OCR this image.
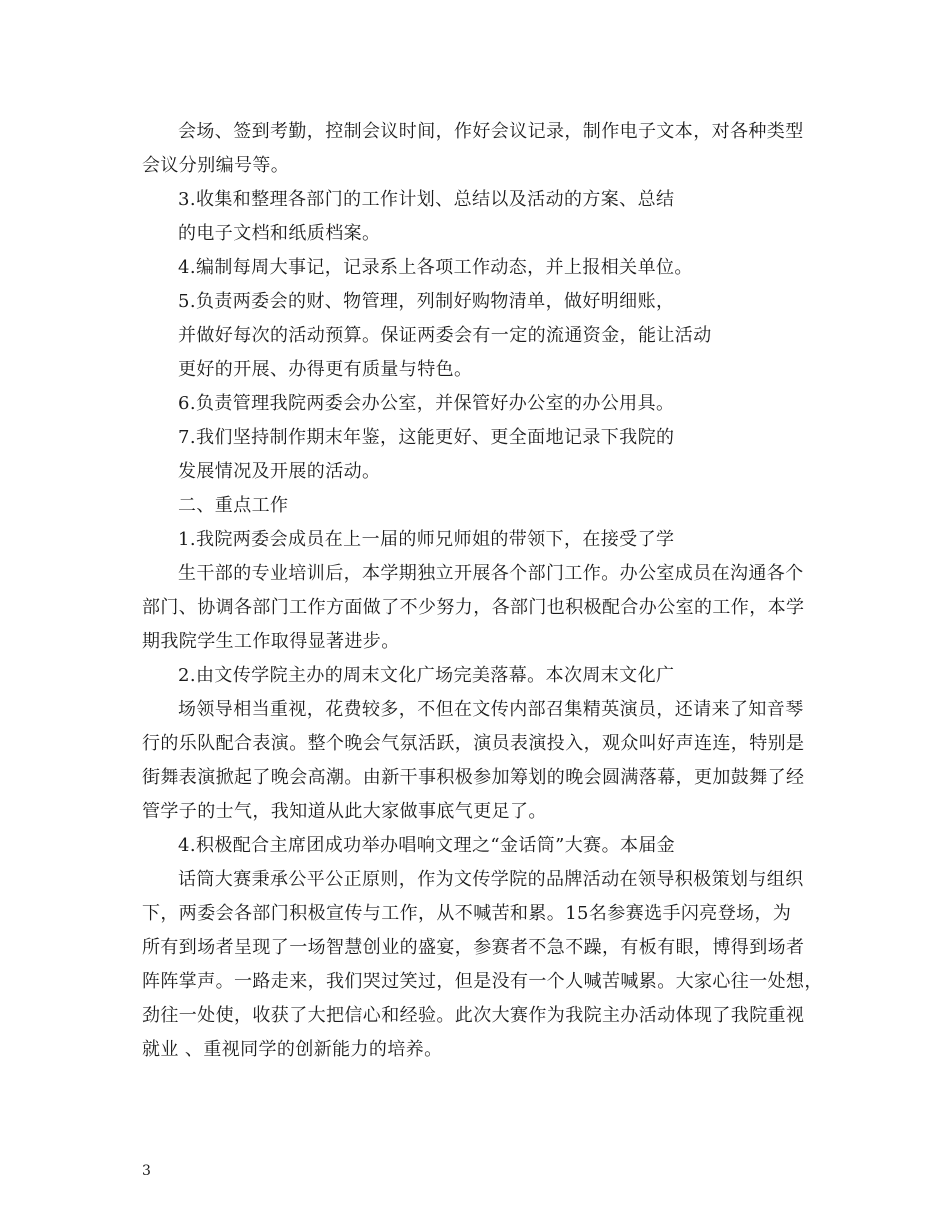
会场、签到考勤，控制会议时间，作好会议记录，制作电子文本，对各种类型
会议分别编号等。
3.收集和整理各部门的工作计划、总结以及活动的方案、总结
的电子文档和纸质档案。
4.编制每周大事记，记录系上各项工作动态，并上报相关单位。
5.负责两委会的财、物管理，列制好购物清单，做好明细账，
并做好每次的活动预算。保证两委会有一定的流通资金，能让活动
更好的开展、办得更有质量与特色。
6.负责管理我院两委会办公室，并保管好办公室的办公用具。
7.我们坚持制作期末年鉴，这能更好、更全面地记录下我院的
发展情况及开展的活动。
二、重点工作
1.我院两委会成员在上一届的师兄师姐的带领下，在接受了学
生干部的专业培训后，本学期独立开展各个部门工作。办公室成员在沟通各个
部门、协调各部门工作方面做了不少努力，各部门也积极配合办公室的工作，本学
期我院学生工作取得显著进步。
2.由文传学院主办的周末文化广场完美落幕。本次周末文化广
场领导相当重视，花费较多，不但在文传内部召集精英演员，还请来了知音琴
行的乐队配合表演。整个晚会气氛活跃，演员表演投入，观众叫好声连连，特别是
街舞表演掀起了晚会高潮。由新干事积极参加筹划的晚会圆满落幕，更加鼓舞了经
管学子的士气，我知道从此大家做事底气更足了。
4.积极配合主席团成功举办唱响文理之“金话筒”大赛。本届金
话筒大赛秉承公平公正原则，作为文传学院的品牌活动在领导积极策划与组织
下，两委会各部门积极宣传与工作，从不喊苦和累。15名参赛选手闪亮登场，为
所有到场者呈现了一场智慧创业的盛宴，参赛者不急不躁，有板有眼，博得到场者
阵阵掌声。一路走来，我们哭过笑过，但是没有一个人喊苦喊累。大家心往一处想，
劲往一处使，收获了大把信心和经验。此次大赛作为我院主办活动体现了我院重视
就业 、重视同学的创新能力的培养。
3
